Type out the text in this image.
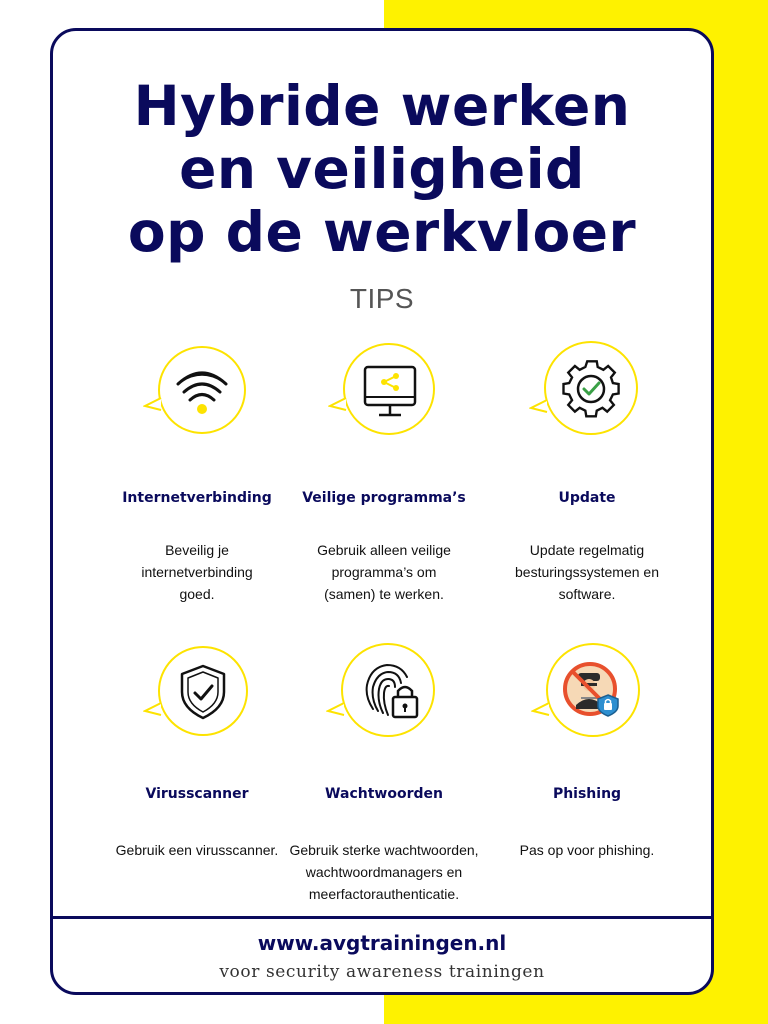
Hybride werken
en veiligheid
op de werkvloer
TIPS
Internetverbinding
Beveilig je
internetverbinding
goed.
Veilige programma’s
Gebruik alleen veilige
programma’s om
(samen) te werken.
Update
Update regelmatig
besturingssystemen en
software.
Virusscanner
Gebruik een virusscanner.
Wachtwoorden
Gebruik sterke wachtwoorden,
wachtwoordmanagers en
meerfactorauthenticatie.
Phishing
Pas op voor phishing.
www.avgtrainingen.nl
voor security awareness trainingen
